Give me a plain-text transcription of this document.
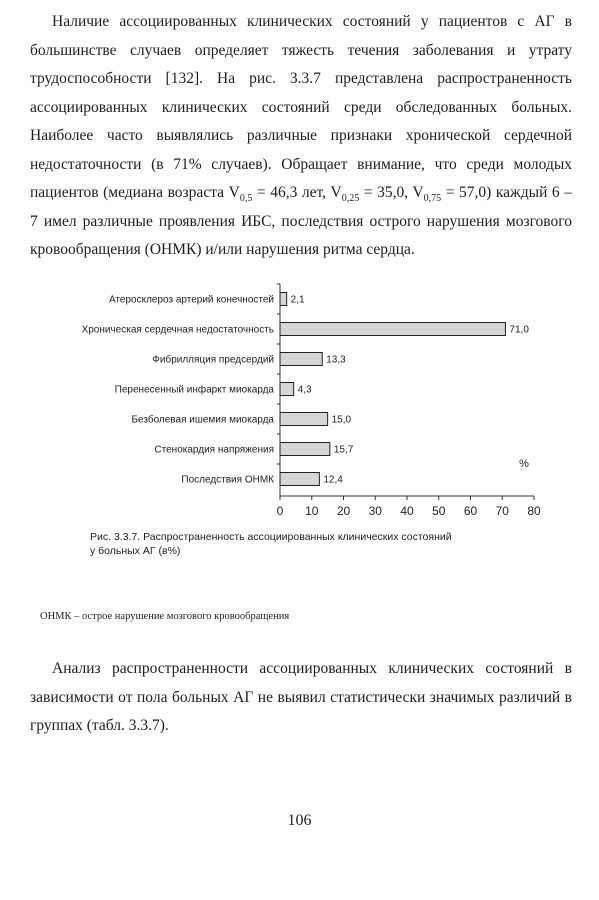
Наличие ассоциированных клинических состояний у пациентов с АГ в большинстве случаев определяет тяжесть течения заболевания и утрату трудоспособности [132]. На рис. 3.3.7 представлена распространенность ассоциированных клинических состояний среди обследованных больных. Наиболее часто выявлялись различные признаки хронической сердечной недостаточности (в 71% случаев). Обращает внимание, что среди молодых пациентов (медиана возраста $V_{0,5} = 46,3$ лет, $V_{0,25} = 35,0$, $V_{0,75} = 57,0$) каждый 6 – 7 имел различные проявления ИБС, последствия острого нарушения мозгового кровообращения (ОНМК) и/или нарушения ритма сердца.

Атеросклероз артерий конечностей 2,1
Хроническая сердечная недостаточность	71,0
Фибрилляция предсердий	13,3
Перенесенный инфаркт миокарда 4,3
Безболевая ишемия миокарда	15,0
Стенокардия напряжения	15,7
Последствия ОНМК	12,4
0 10 20 30 40 50 60 70 80
%
Рис. 3.3.7. Распространенность ассоциированных клинических состояний
у больных АГ (в%)
ОНМК – острое нарушение мозгового кровообращения

Анализ распространенности ассоциированных клинических состояний в зависимости от пола больных АГ не выявил статистически значимых различий в группах (табл. 3.3.7).

106
